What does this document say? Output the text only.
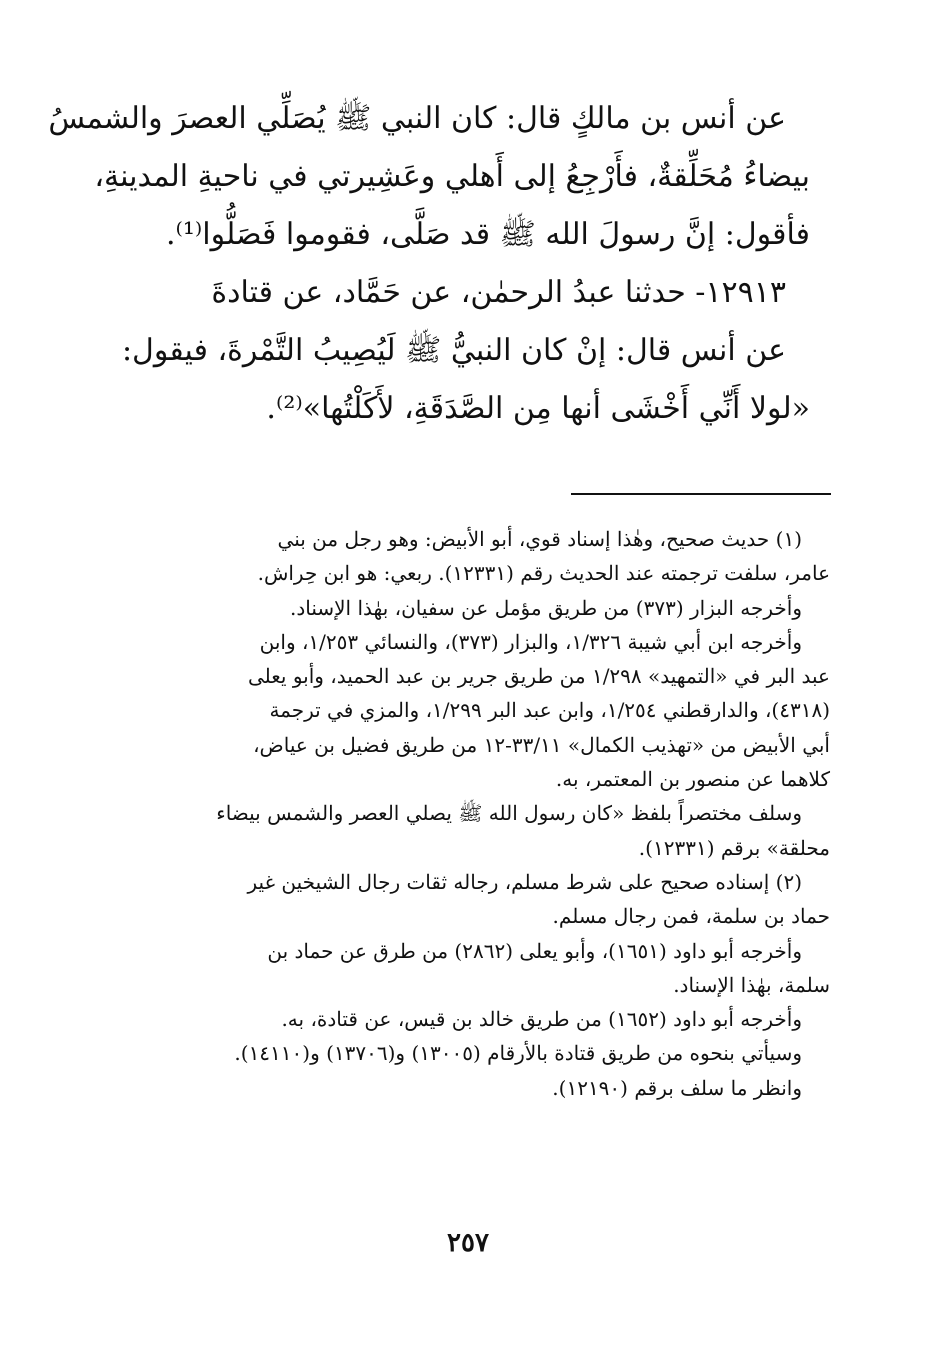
عن أنس بن مالكٍ قال: كان النبي ﷺ يُصَلِّي العصرَ والشمسُ
بيضاءُ مُحَلِّقةٌ، فأَرْجِعُ إلى أَهلي وعَشِيرتي في ناحيةِ المدينةِ،
فأقول: إنَّ رسولَ الله ﷺ قد صَلَّى، فقوموا فَصَلُّوا⁽¹⁾.
١٢٩١٣- حدثنا عبدُ الرحمٰن، عن حَمَّاد، عن قتادةَ
عن أنس قال: إنْ كان النبيُّ ﷺ لَيُصِيبُ التَّمْرةَ، فيقول:
«لولا أَنِّي أَخْشَى أنها مِن الصَّدَقَةِ، لأَكَلْتُها»⁽²⁾.
(١) حديث صحيح، وهٰذا إسناد قوي، أبو الأبيض: وهو رجل من بني
عامر، سلفت ترجمته عند الحديث رقم (١٢٣٣١). ربعي: هو ابن حِراش.
وأخرجه البزار (٣٧٣) من طريق مؤمل عن سفيان، بهٰذا الإسناد.
وأخرجه ابن أبي شيبة ١/٣٢٦، والبزار (٣٧٣)، والنسائي ١/٢٥٣، وابن
عبد البر في «التمهيد» ١/٢٩٨ من طريق جرير بن عبد الحميد، وأبو يعلى
(٤٣١٨)، والدارقطني ١/٢٥٤، وابن عبد البر ١/٢٩٩، والمزي في ترجمة
أبي الأبيض من «تهذيب الكمال» ٣٣/١١-١٢ من طريق فضيل بن عياض،
كلاهما عن منصور بن المعتمر، به.
وسلف مختصراً بلفظ «كان رسول الله ﷺ يصلي العصر والشمس بيضاء
محلقة» برقم (١٢٣٣١).
(٢) إسناده صحيح على شرط مسلم، رجاله ثقات رجال الشيخين غير
حماد بن سلمة، فمن رجال مسلم.
وأخرجه أبو داود (١٦٥١)، وأبو يعلى (٢٨٦٢) من طرق عن حماد بن
سلمة، بهٰذا الإسناد.
وأخرجه أبو داود (١٦٥٢) من طريق خالد بن قيس، عن قتادة، به.
وسيأتي بنحوه من طريق قتادة بالأرقام (١٣٠٠٥) و(١٣٧٠٦) و(١٤١١٠).
وانظر ما سلف برقم (١٢١٩٠).
٢٥٧
